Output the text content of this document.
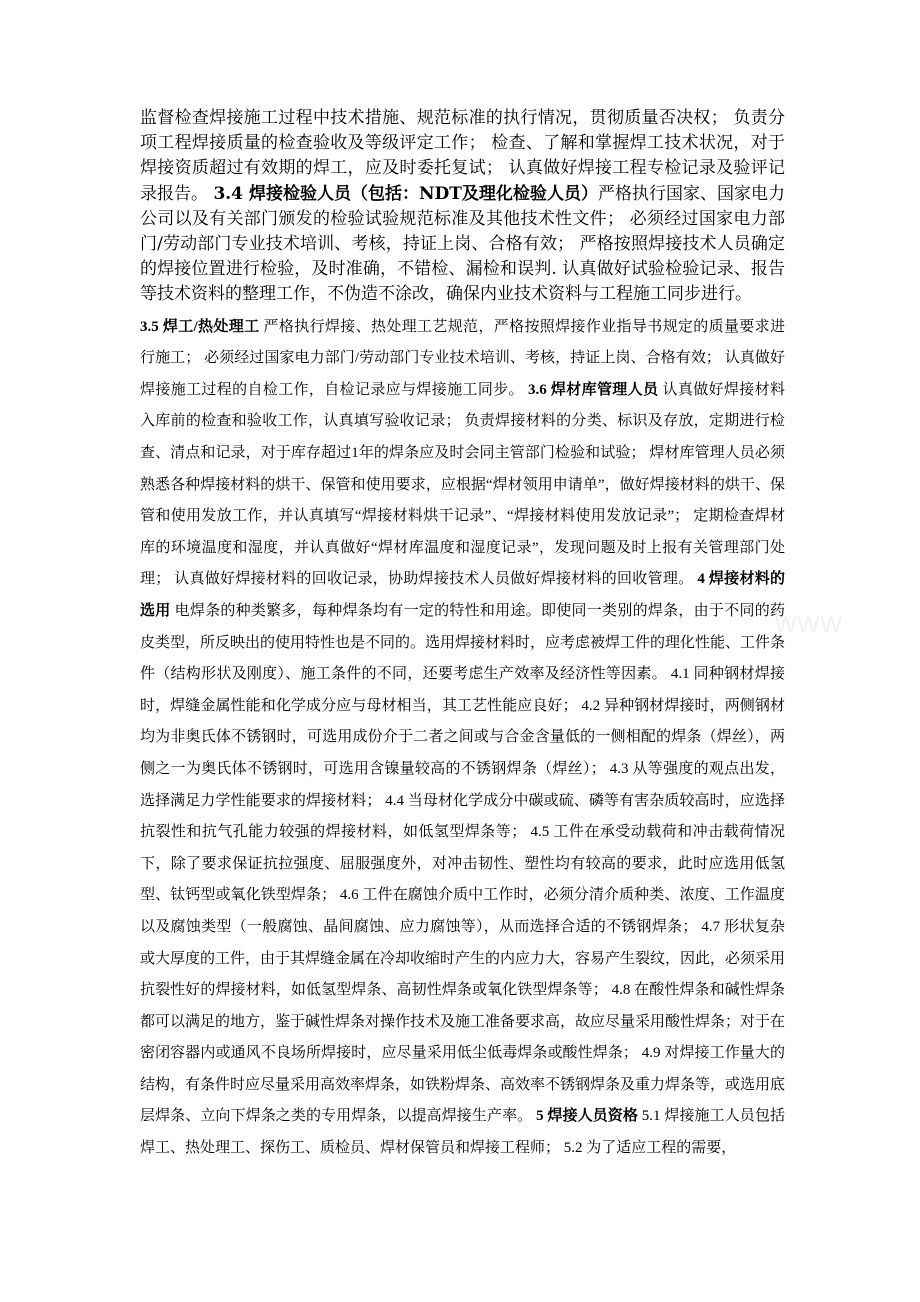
监督检查焊接施工过程中技术措施、规范标准的执行情况，贯彻质量否决权； 负责分项工程焊接质量的检查验收及等级评定工作； 检查、了解和掌握焊工技术状况，对于焊接资质超过有效期的焊工，应及时委托复试； 认真做好焊接工程专检记录及验评记录报告。 3.4 焊接检验人员（包括：NDT及理化检验人员）严格执行国家、国家电力公司以及有关部门颁发的检验试验规范标准及其他技术性文件； 必须经过国家电力部门/劳动部门专业技术培训、考核，持证上岗、合格有效； 严格按照焊接技术人员确定的焊接位置进行检验，及时准确，不错检、漏检和误判. 认真做好试验检验记录、报告等技术资料的整理工作，不伪造不涂改，确保内业技术资料与工程施工同步进行。

3.5 焊工/热处理工 严格执行焊接、热处理工艺规范，严格按照焊接作业指导书规定的质量要求进行施工； 必须经过国家电力部门/劳动部门专业技术培训、考核，持证上岗、合格有效； 认真做好焊接施工过程的自检工作，自检记录应与焊接施工同步。 3.6 焊材库管理人员 认真做好焊接材料入库前的检查和验收工作，认真填写验收记录； 负责焊接材料的分类、标识及存放，定期进行检查、清点和记录，对于库存超过1年的焊条应及时会同主管部门检验和试验； 焊材库管理人员必须熟悉各种焊接材料的烘干、保管和使用要求，应根据“焊材领用申请单”，做好焊接材料的烘干、保管和使用发放工作，并认真填写“焊接材料烘干记录”、“焊接材料使用发放记录”； 定期检查焊材库的环境温度和湿度，并认真做好“焊材库温度和湿度记录”，发现问题及时上报有关管理部门处理； 认真做好焊接材料的回收记录，协助焊接技术人员做好焊接材料的回收管理。 4 焊接材料的选用 电焊条的种类繁多，每种焊条均有一定的特性和用途。即使同一类别的焊条，由于不同的药皮类型，所反映出的使用特性也是不同的。选用焊接材料时，应考虑被焊工件的理化性能、工件条件（结构形状及刚度）、施工条件的不同，还要考虑生产效率及经济性等因素。 4.1 同种钢材焊接时，焊缝金属性能和化学成分应与母材相当，其工艺性能应良好； 4.2 异种钢材焊接时，两侧钢材均为非奥氏体不锈钢时，可选用成份介于二者之间或与合金含量低的一侧相配的焊条（焊丝），两侧之一为奥氏体不锈钢时，可选用含镍量较高的不锈钢焊条（焊丝）； 4.3 从等强度的观点出发，选择满足力学性能要求的焊接材料； 4.4 当母材化学成分中碳或硫、磷等有害杂质较高时，应选择抗裂性和抗气孔能力较强的焊接材料，如低氢型焊条等； 4.5 工件在承受动载荷和冲击载荷情况下，除了要求保证抗拉强度、屈服强度外，对冲击韧性、塑性均有较高的要求，此时应选用低氢型、钛钙型或氧化铁型焊条； 4.6 工件在腐蚀介质中工作时，必须分清介质种类、浓度、工作温度以及腐蚀类型（一般腐蚀、晶间腐蚀、应力腐蚀等），从而选择合适的不锈钢焊条； 4.7 形状复杂或大厚度的工件，由于其焊缝金属在冷却收缩时产生的内应力大，容易产生裂纹，因此，必须采用抗裂性好的焊接材料，如低氢型焊条、高韧性焊条或氧化铁型焊条等； 4.8 在酸性焊条和碱性焊条都可以满足的地方，鉴于碱性焊条对操作技术及施工准备要求高，故应尽量采用酸性焊条；对于在密闭容器内或通风不良场所焊接时，应尽量采用低尘低毒焊条或酸性焊条； 4.9 对焊接工作量大的结构，有条件时应尽量采用高效率焊条，如铁粉焊条、高效率不锈钢焊条及重力焊条等，或选用底层焊条、立向下焊条之类的专用焊条，以提高焊接生产率。 5 焊接人员资格 5.1 焊接施工人员包括焊工、热处理工、探伤工、质检员、焊材保管员和焊接工程师； 5.2 为了适应工程的需要，

www
